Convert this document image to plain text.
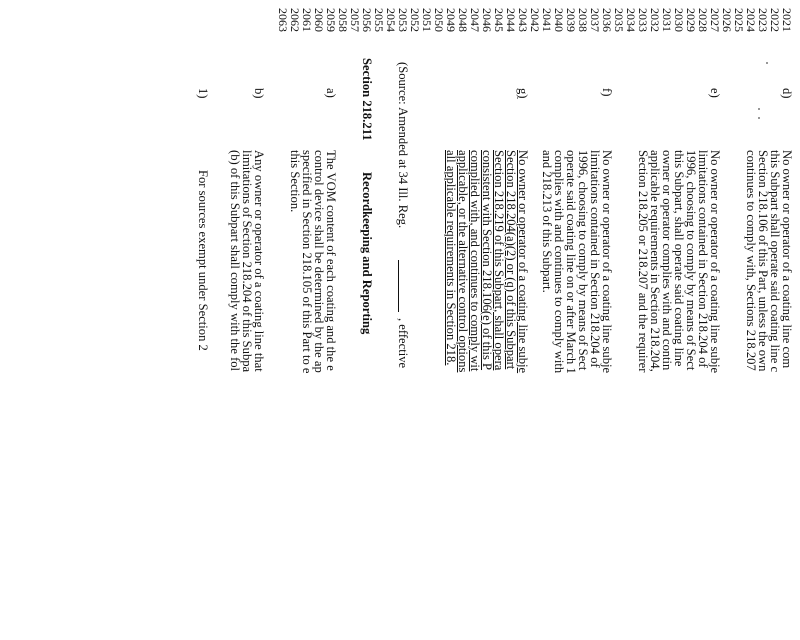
2021
2022
2023
2024
2025
2026
2027
2028
2029
2030
2031
2032
2033
2034
2035
2036
2037
2038
2039
2040
2041
2042
2043
2044
2045
2046
2047
2048
2049
2050
2051
2052
2053
2054
2055
2056
2057
2058
2059
2060
2061
2062
2063
d)
No owner or operator of a coating line com
this Subpart shall operate said coating line c
Section 218.106 of this Part, unless the own
continues to comply with, Sections 218.207
e)
No owner or operator of a coating line subje
limitations contained in Section 218.204 of
1996, choosing to comply by means of Sect
this Subpart, shall operate said coating line
owner or operator complies with and contin
applicable requirements in Section 218.204,
Section 218.205 or 218.207 and the requirer
f)
No owner or operator of a coating line subje
limitations contained in Section 218.204 of
1996, choosing to comply by means of Sect
operate said coating line on or after March 1
complies with and continues to comply with
and 218.213 of this Subpart.
g)
No owner or operator of a coating line subje
Section 218.204(a)(2) or (q) of this Subpart
Section 218.219 of this Subpart, shall opera
consistent with Section 218.106(e) of this P
complied with, and continues to comply wit
applicable, or the alternative control options
all applicable requirements in Section 218.
(Source: Amended at 34 Ill. Reg.
, effective
Section 218.211
Recordkeeping and Reporting
a)
The VOM content of each coating and the e
control device shall be determined by the ap
specified in Section 218.105 of this Part to e
this Section.
b)
Any owner or operator of a coating line that
limitations of Section 218.204 of this Subpa
(b) of this Subpart shall comply with the fol
1)
For sources exempt under Section 2
